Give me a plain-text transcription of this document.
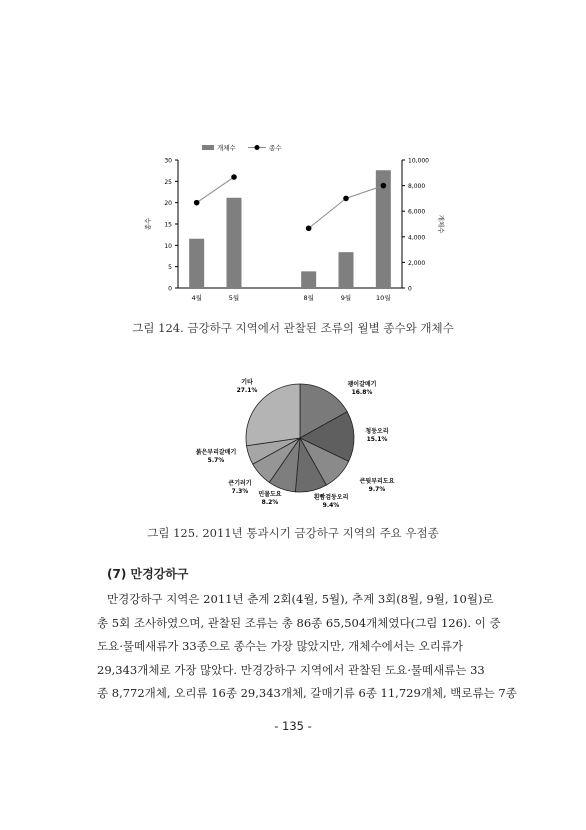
0
5
10
15
20
25
30
0
2,000
4,000
6,000
8,000
10,000
종수	개체수
4월	5월	8월	9월	10월
개체수	종수
그림 124. 금강하구 지역에서 관찰된 조류의 월별 종수와 개체수
괭이갈매기
16.8%
청둥오리
15.1%
큰뒷부리도요
9.7%
흰빰검둥오리
9.4%
민물도요
8.2%
큰기러기
7.3%
붉은부리갈매기
5.7%
기타
27.1%
그림 125. 2011년 통과시기 금강하구 지역의 주요 우점종
(7) 만경강하구
만경강하구 지역은 2011년 춘계 2회(4월, 5월), 추계 3회(8월, 9월, 10월)로
총 5회 조사하였으며, 관찰된 조류는 총 86종 65,504개체였다(그림 126). 이 중
도요·물떼새류가 33종으로 종수는 가장 많았지만, 개체수에서는 오리류가
29,343개체로 가장 많았다. 만경강하구 지역에서 관찰된 도요·물떼새류는 33
종 8,772개체, 오리류 16종 29,343개체, 갈매기류 6종 11,729개체, 백로류는 7종
- 135 -
